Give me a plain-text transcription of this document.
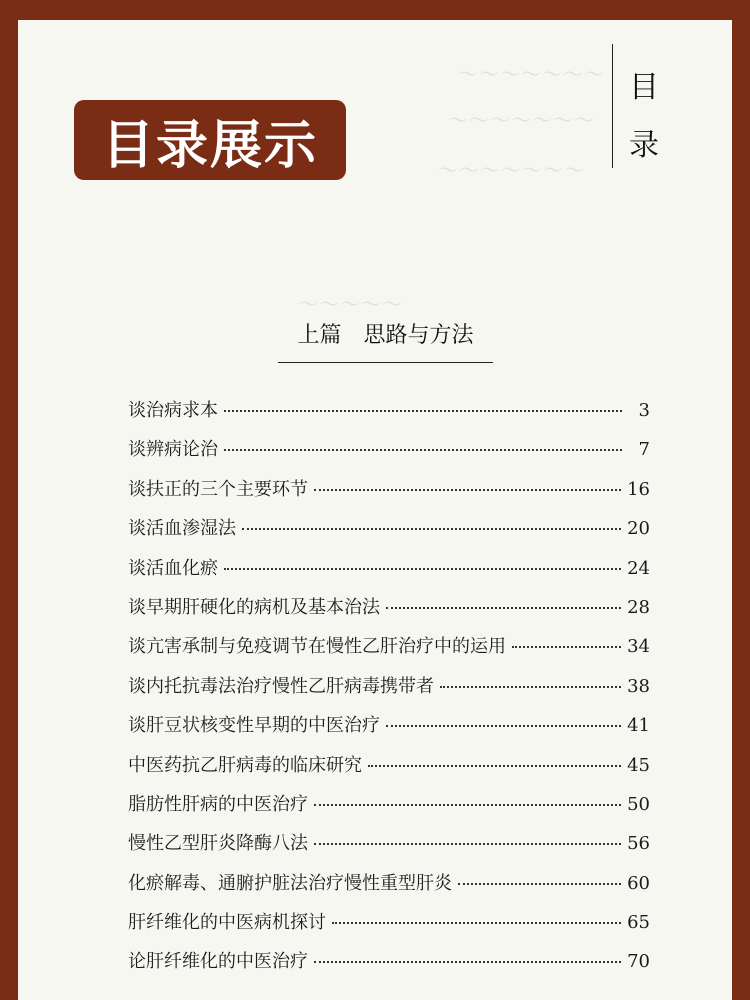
～～～～～～～
～～～～～～～
～～～～～～～
～～～～～
目录展示
目
录
上篇　思路与方法
谈治病求本	3
谈辨病论治	7
谈扶正的三个主要环节	16
谈活血渗湿法	20
谈活血化瘀	24
谈早期肝硬化的病机及基本治法	28
谈亢害承制与免疫调节在慢性乙肝治疗中的运用	34
谈内托抗毒法治疗慢性乙肝病毒携带者	38
谈肝豆状核变性早期的中医治疗	41
中医药抗乙肝病毒的临床研究	45
脂肪性肝病的中医治疗	50
慢性乙型肝炎降酶八法	56
化瘀解毒、通腑护脏法治疗慢性重型肝炎	60
肝纤维化的中医病机探讨	65
论肝纤维化的中医治疗	70
